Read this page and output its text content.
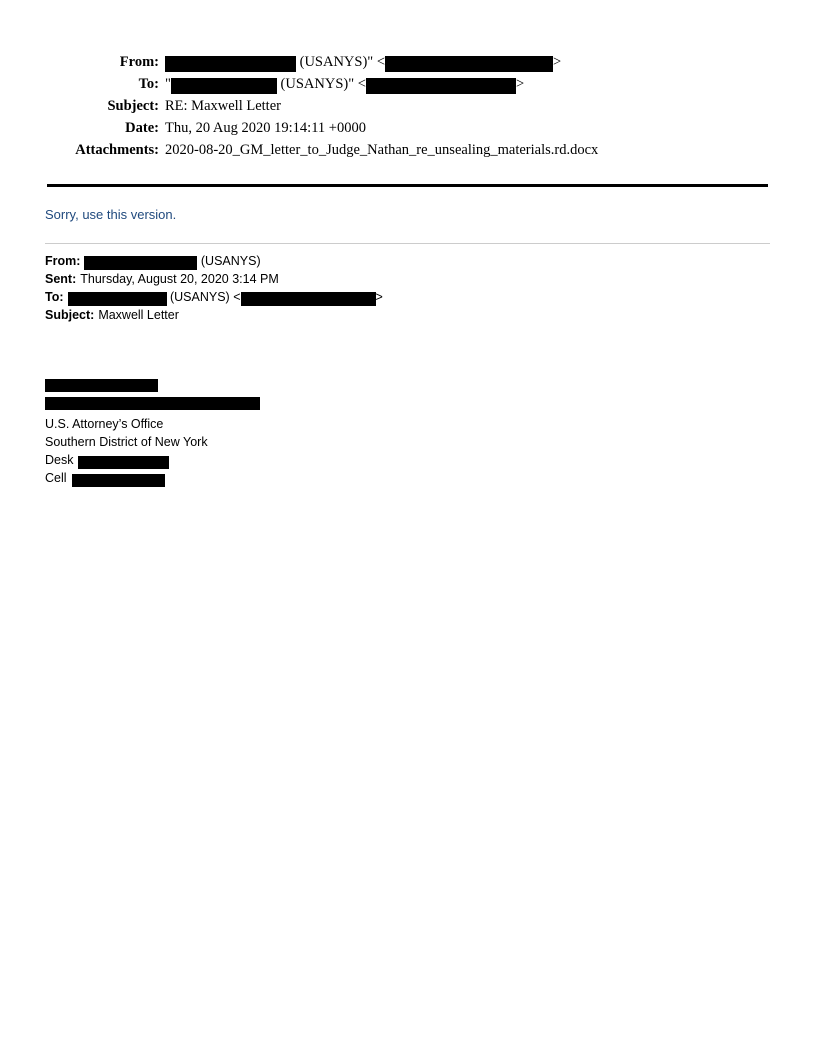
From:	(USANYS)" <	>
To: "	(USANYS)" <	>
Subject: RE: Maxwell Letter
Date: Thu, 20 Aug 2020 19:14:11 +0000
Attachments: 2020-08-20_GM_letter_to_Judge_Nathan_re_unsealing_materials.rd.docx
Sorry, use this version.
From:	(USANYS)
Sent: Thursday, August 20, 2020 3:14 PM
To:	(USANYS) <	>
Subject: Maxwell Letter
U.S. Attorney’s Office
Southern District of New York
Desk
Cell
